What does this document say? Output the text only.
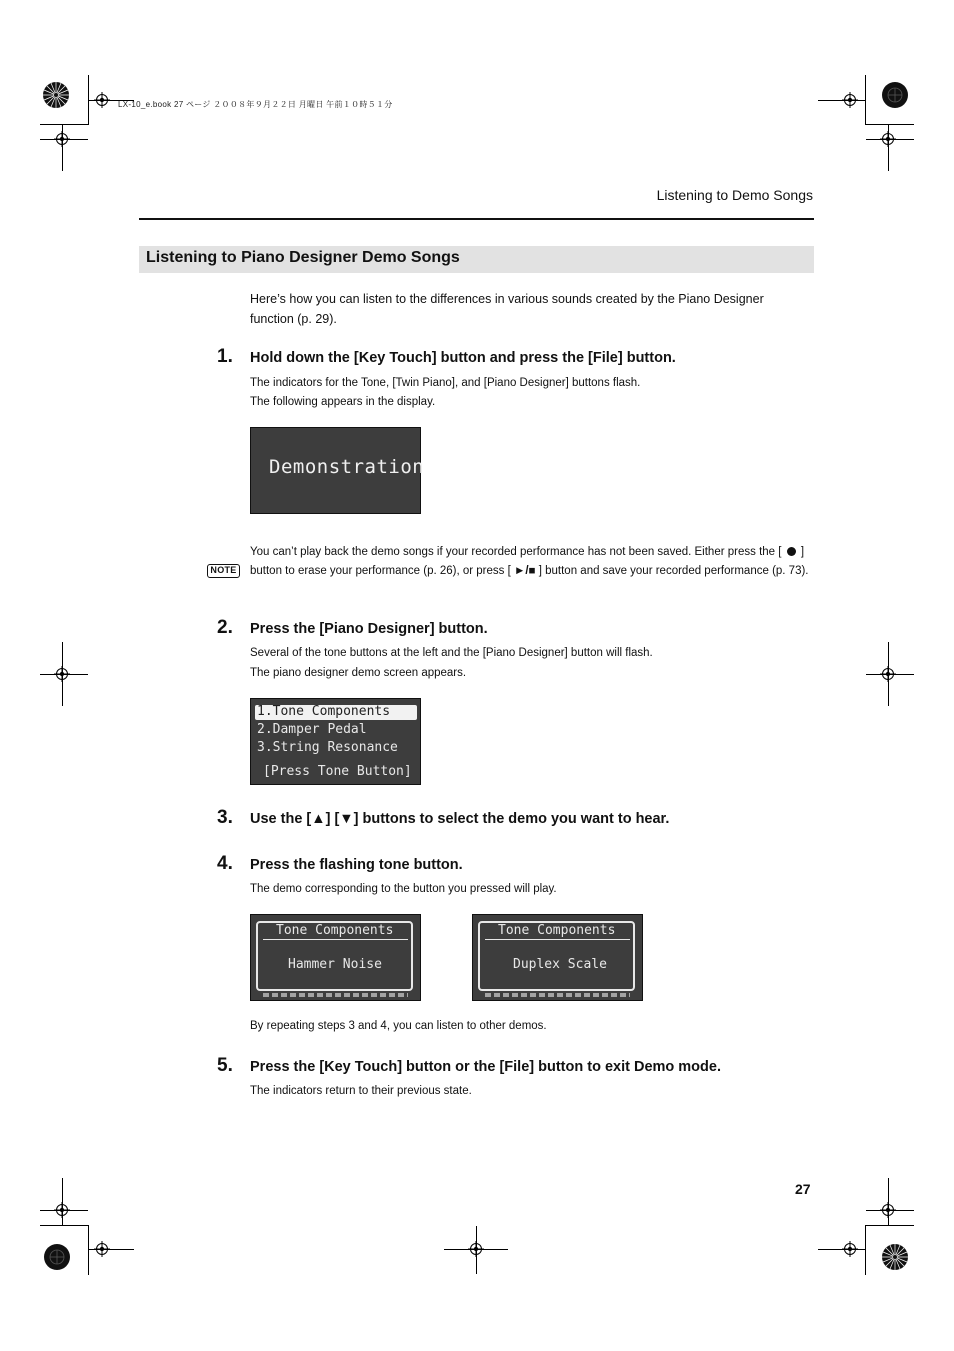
LX-10_e.book 27 ページ ２００８年９月２２日 月曜日 午前１０時５１分
Listening to Demo Songs
Listening to Piano Designer Demo Songs
Here’s how you can listen to the differences in various sounds created by the Piano Designer function (p. 29).
1. Hold down the [Key Touch] button and press the [File] button.
The indicators for the Tone, [Twin Piano], and [Piano Designer] buttons flash.
The following appears in the display.
Demonstration
NOTE
You can’t play back the demo songs if your recorded performance has not been saved. Either press the [ ] button to erase your performance (p. 26), or press [ ►/■ ] button and save your recorded performance (p. 73).
2. Press the [Piano Designer] button.
Several of the tone buttons at the left and the [Piano Designer] button will flash.
The piano designer demo screen appears.
1.Tone Components
2.Damper Pedal
3.String Resonance
[Press Tone Button]
3. Use the [▲] [▼] buttons to select the demo you want to hear.
4. Press the flashing tone button.
The demo corresponding to the button you pressed will play.
Tone Components
Hammer Noise
Tone Components
Duplex Scale
By repeating steps 3 and 4, you can listen to other demos.
5. Press the [Key Touch] button or the [File] button to exit Demo mode.
The indicators return to their previous state.
27
